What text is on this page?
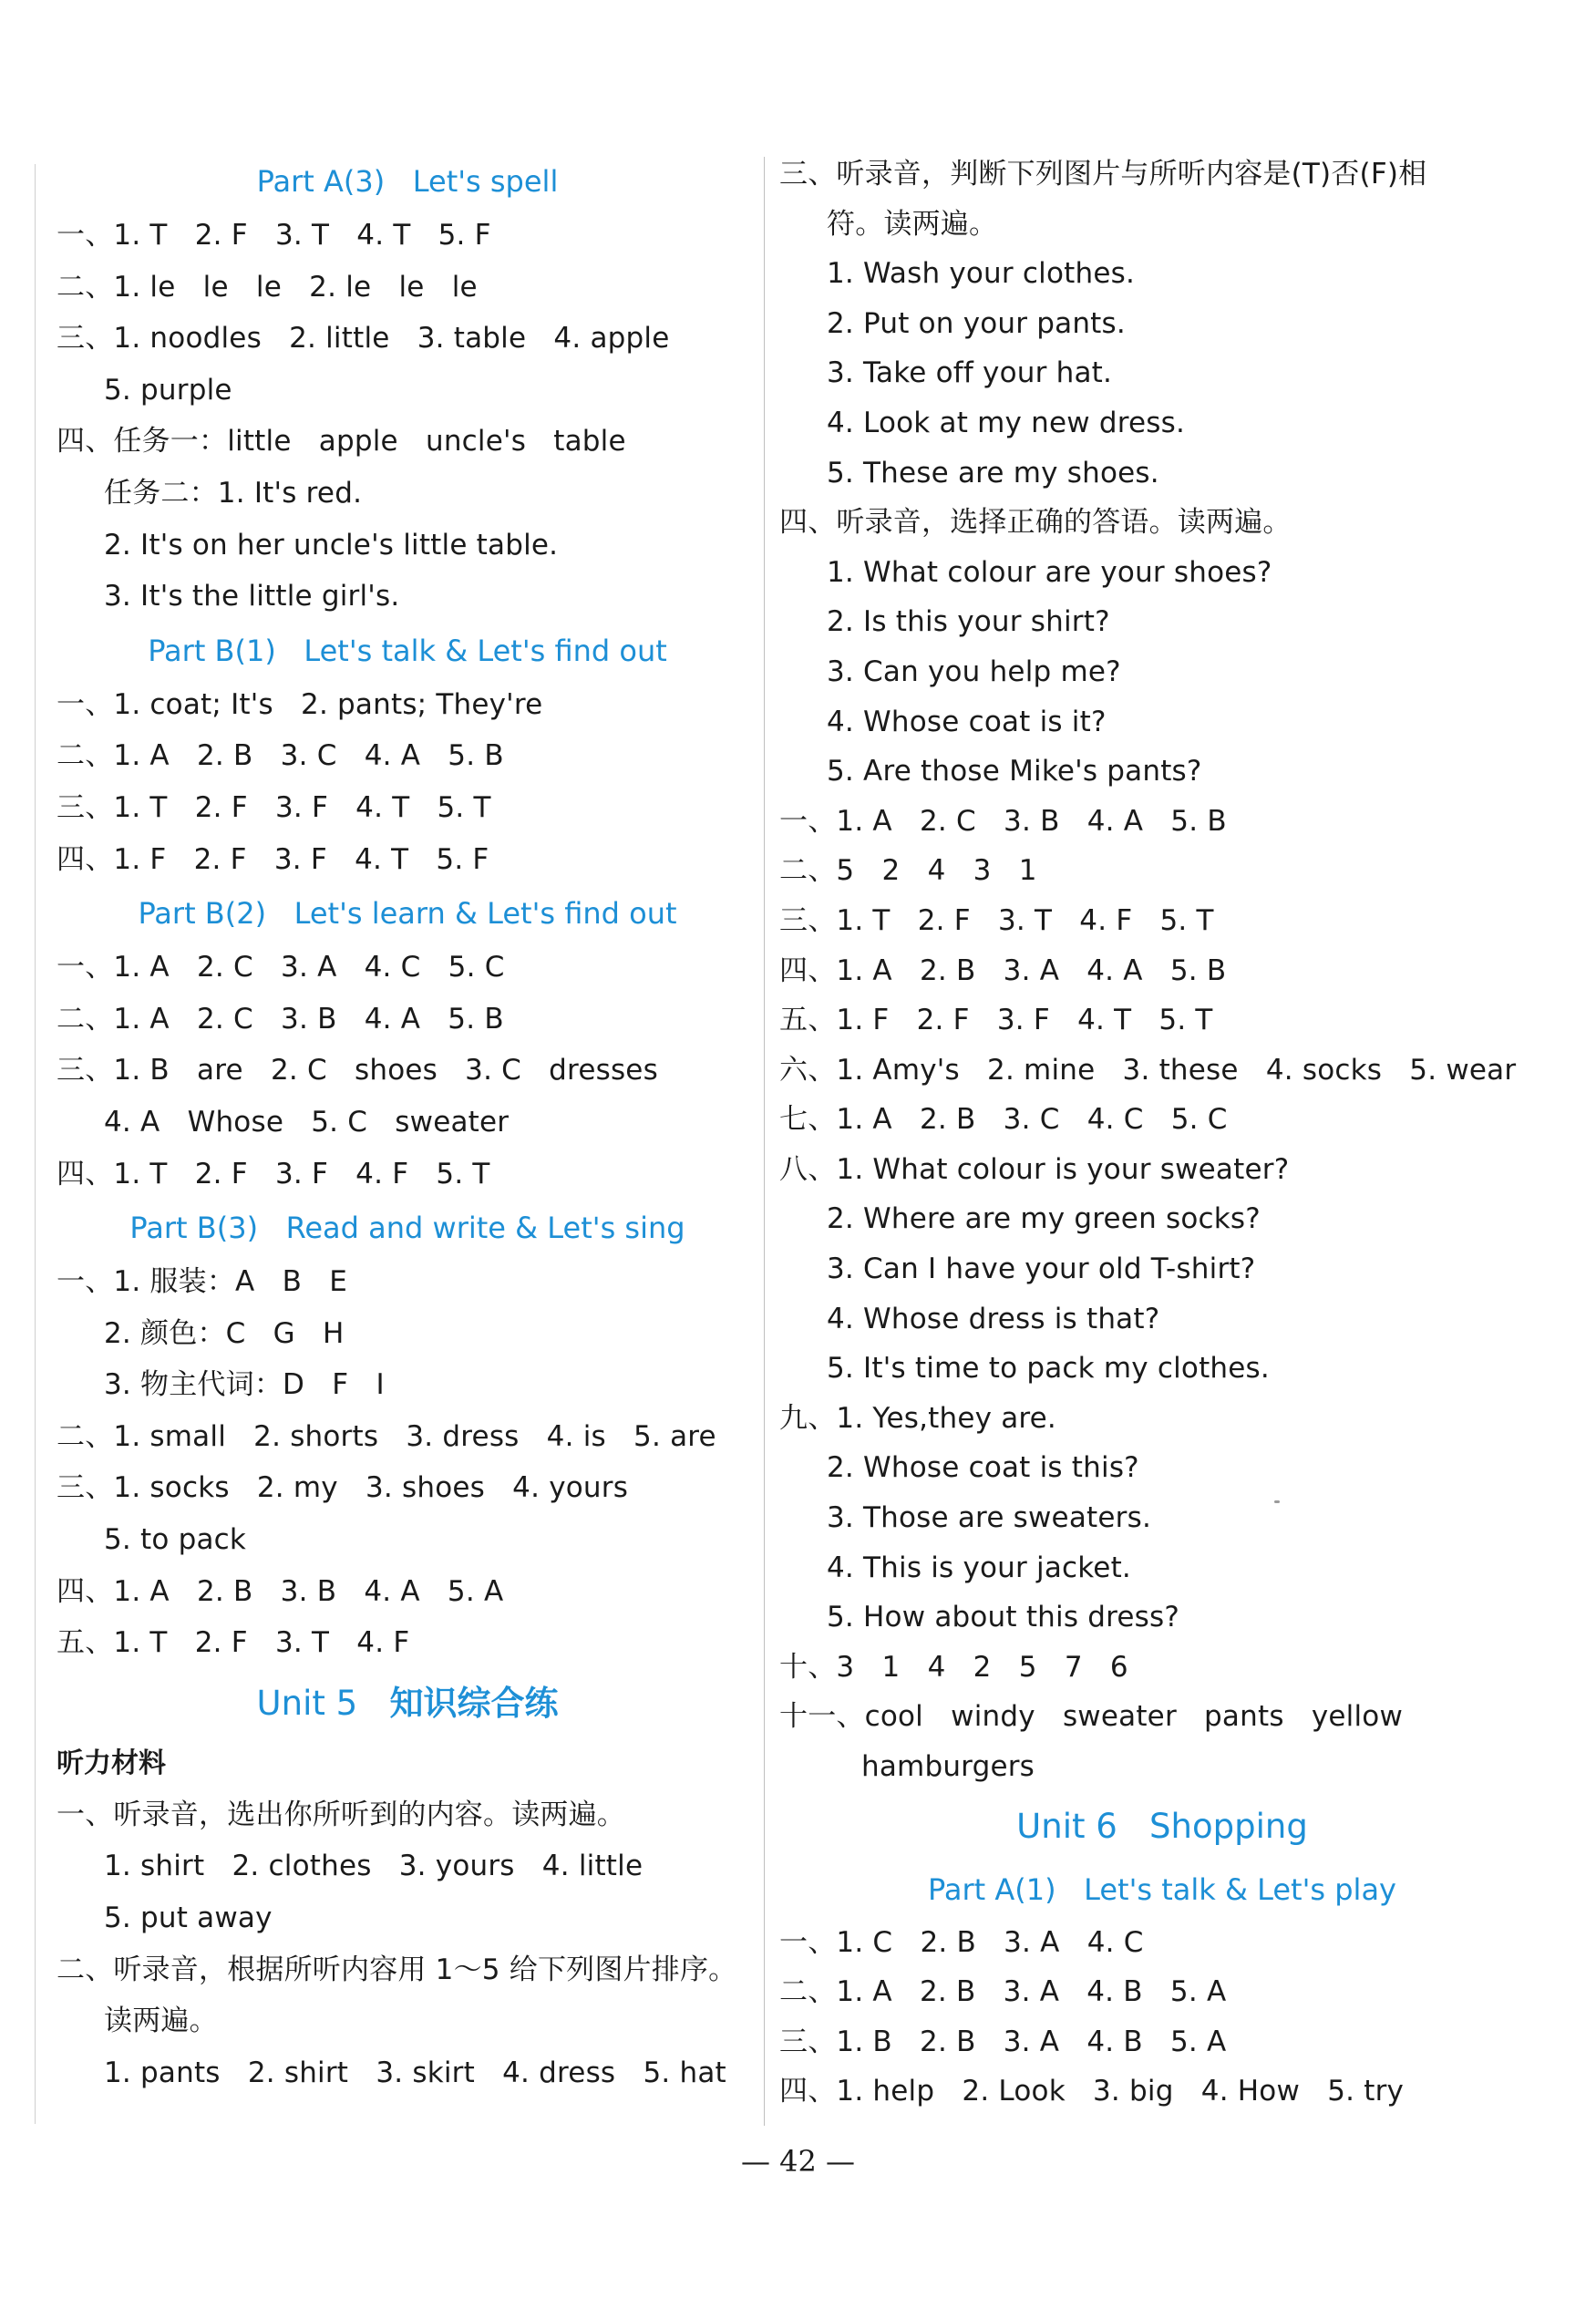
Part A(3)   Let's spell
一、1. T   2. F   3. T   4. T   5. F
二、1. le   le   le   2. le   le   le
三、1. noodles   2. little   3. table   4. apple
5. purple
四、任务一：little   apple   uncle's   table
任务二：1. It's red.
2. It's on her uncle's little table.
3. It's the little girl's.
Part B(1)   Let's talk & Let's find out
一、1. coat; It's   2. pants; They're
二、1. A   2. B   3. C   4. A   5. B
三、1. T   2. F   3. F   4. T   5. T
四、1. F   2. F   3. F   4. T   5. F
Part B(2)   Let's learn & Let's find out
一、1. A   2. C   3. A   4. C   5. C
二、1. A   2. C   3. B   4. A   5. B
三、1. B   are   2. C   shoes   3. C   dresses
4. A   Whose   5. C   sweater
四、1. T   2. F   3. F   4. F   5. T
Part B(3)   Read and write & Let's sing
一、1. 服装：A   B   E
2. 颜色：C   G   H
3. 物主代词：D   F   I
二、1. small   2. shorts   3. dress   4. is   5. are
三、1. socks   2. my   3. shoes   4. yours
5. to pack
四、1. A   2. B   3. B   4. A   5. A
五、1. T   2. F   3. T   4. F
Unit 5 知识综合练
听力材料
一、听录音，选出你所听到的内容。读两遍。
1. shirt   2. clothes   3. yours   4. little
5. put away
二、听录音，根据所听内容用 1～5 给下列图片排序。
读两遍。
1. pants   2. shirt   3. skirt   4. dress   5. hat
三、听录音，判断下列图片与所听内容是(T)否(F)相
符。读两遍。
1. Wash your clothes.
2. Put on your pants.
3. Take off your hat.
4. Look at my new dress.
5. These are my shoes.
四、听录音，选择正确的答语。读两遍。
1. What colour are your shoes?
2. Is this your shirt?
3. Can you help me?
4. Whose coat is it?
5. Are those Mike's pants?
一、1. A   2. C   3. B   4. A   5. B
二、5   2   4   3   1
三、1. T   2. F   3. T   4. F   5. T
四、1. A   2. B   3. A   4. A   5. B
五、1. F   2. F   3. F   4. T   5. T
六、1. Amy's   2. mine   3. these   4. socks   5. wear
七、1. A   2. B   3. C   4. C   5. C
八、1. What colour is your sweater?
2. Where are my green socks?
3. Can I have your old T-shirt?
4. Whose dress is that?
5. It's time to pack my clothes.
九、1. Yes,they are.
2. Whose coat is this?
3. Those are sweaters.
4. This is your jacket.
5. How about this dress?
十、3   1   4   2   5   7   6
十一、cool   windy   sweater   pants   yellow
hamburgers
Unit 6   Shopping
Part A(1)   Let's talk & Let's play
一、1. C   2. B   3. A   4. C
二、1. A   2. B   3. A   4. B   5. A
三、1. B   2. B   3. A   4. B   5. A
四、1. help   2. Look   3. big   4. How   5. try
— 42 —
